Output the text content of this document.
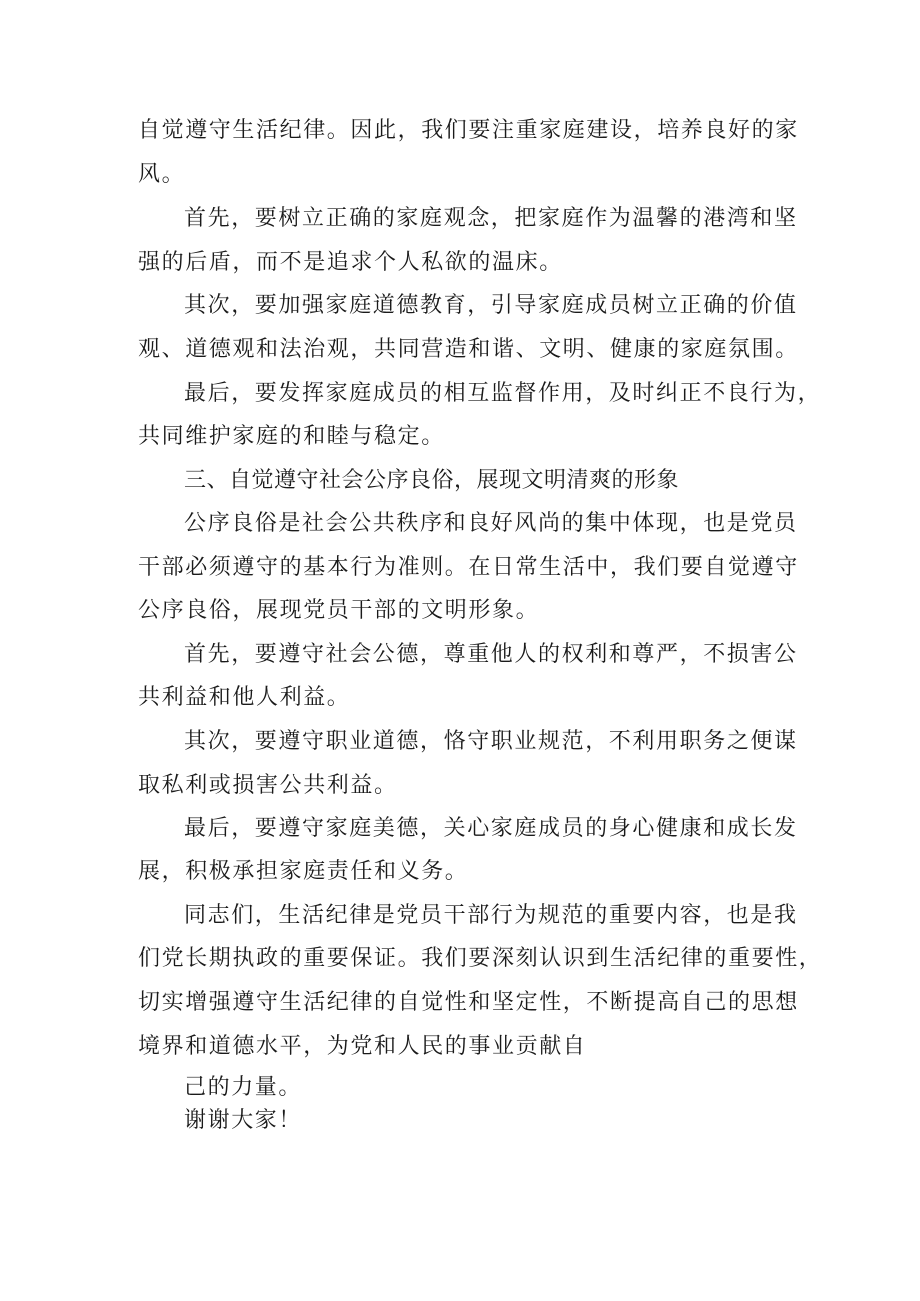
自觉遵守生活纪律。因此，我们要注重家庭建设，培养良好的家
风。
首先，要树立正确的家庭观念，把家庭作为温馨的港湾和坚
强的后盾，而不是追求个人私欲的温床。
其次，要加强家庭道德教育，引导家庭成员树立正确的价值
观、道德观和法治观，共同营造和谐、文明、健康的家庭氛围。
最后，要发挥家庭成员的相互监督作用，及时纠正不良行为，
共同维护家庭的和睦与稳定。
三、自觉遵守社会公序良俗，展现文明清爽的形象
公序良俗是社会公共秩序和良好风尚的集中体现，也是党员
干部必须遵守的基本行为准则。在日常生活中，我们要自觉遵守
公序良俗，展现党员干部的文明形象。
首先，要遵守社会公德，尊重他人的权利和尊严，不损害公
共利益和他人利益。
其次，要遵守职业道德，恪守职业规范，不利用职务之便谋
取私利或损害公共利益。
最后，要遵守家庭美德，关心家庭成员的身心健康和成长发
展，积极承担家庭责任和义务。
同志们，生活纪律是党员干部行为规范的重要内容，也是我
们党长期执政的重要保证。我们要深刻认识到生活纪律的重要性，
切实增强遵守生活纪律的自觉性和坚定性，不断提高自己的思想
境界和道德水平，为党和人民的事业贡献自
己的力量。
谢谢大家！
